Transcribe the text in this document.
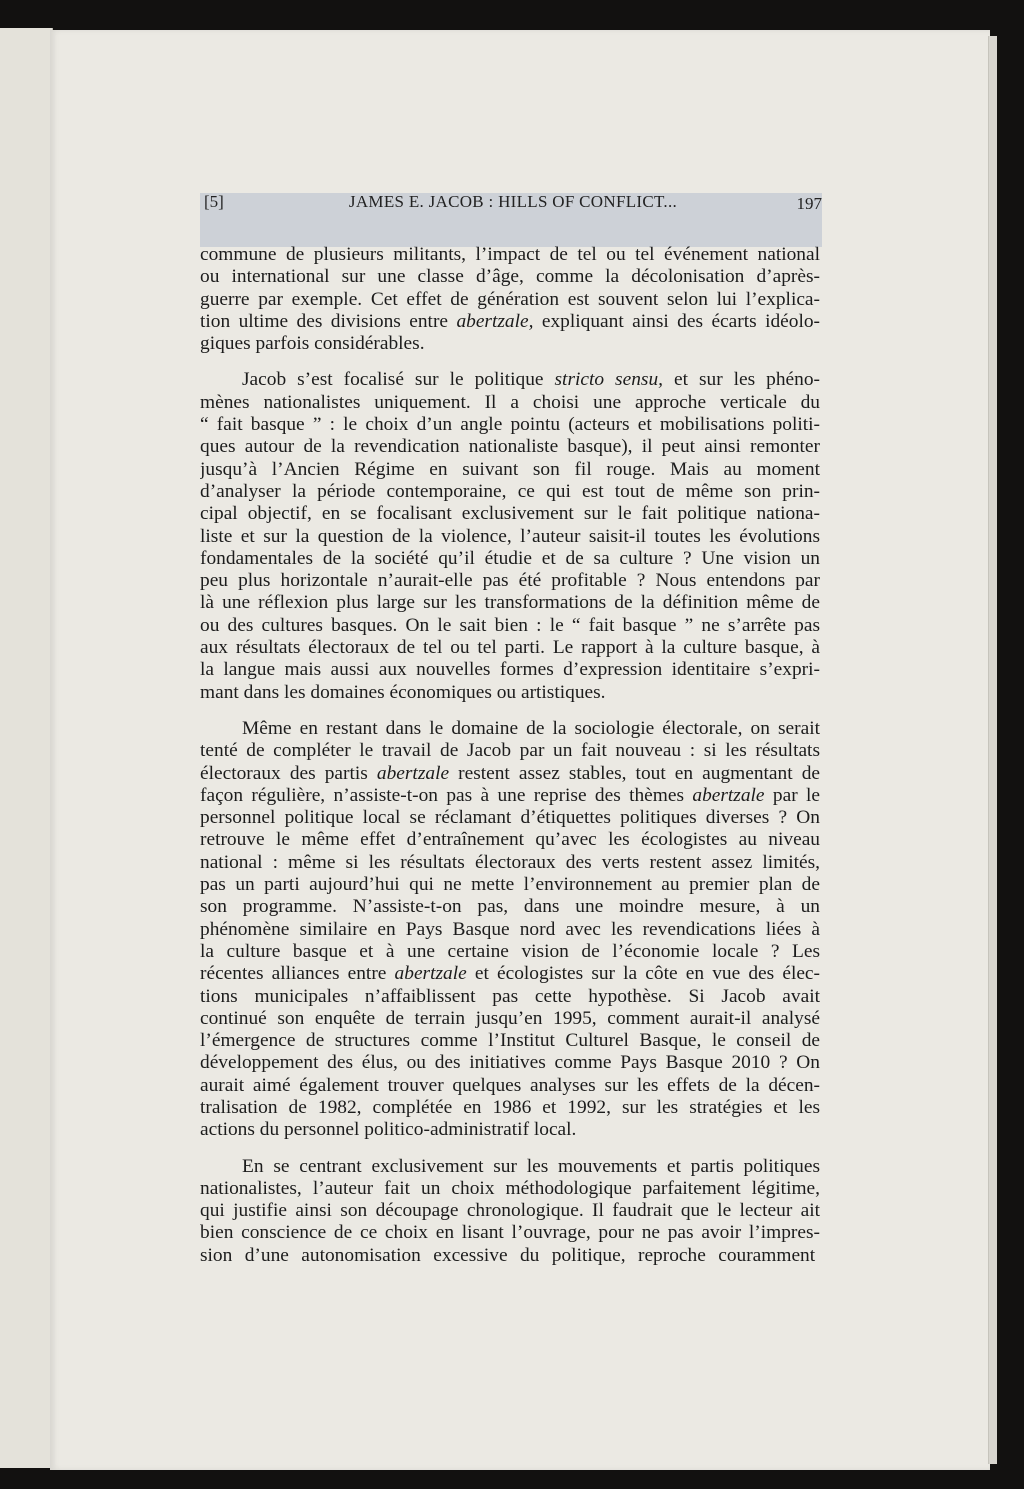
[5]	JAMES E. JACOB : HILLS OF CONFLICT...	197
commune de plusieurs militants, l’impact de tel ou tel événement national
ou international sur une classe d’âge, comme la décolonisation d’après-
guerre par exemple. Cet effet de génération est souvent selon lui l’explica-
tion ultime des divisions entre abertzale, expliquant ainsi des écarts idéolo-
giques parfois considérables.
Jacob s’est focalisé sur le politique stricto sensu, et sur les phéno-
mènes nationalistes uniquement. Il a choisi une approche verticale du
“ fait basque ” : le choix d’un angle pointu (acteurs et mobilisations politi-
ques autour de la revendication nationaliste basque), il peut ainsi remonter
jusqu’à l’Ancien Régime en suivant son fil rouge. Mais au moment
d’analyser la période contemporaine, ce qui est tout de même son prin-
cipal objectif, en se focalisant exclusivement sur le fait politique nationa-
liste et sur la question de la violence, l’auteur saisit-il toutes les évolutions
fondamentales de la société qu’il étudie et de sa culture ? Une vision un
peu plus horizontale n’aurait-elle pas été profitable ? Nous entendons par
là une réflexion plus large sur les transformations de la définition même de
ou des cultures basques. On le sait bien : le “ fait basque ” ne s’arrête pas
aux résultats électoraux de tel ou tel parti. Le rapport à la culture basque, à
la langue mais aussi aux nouvelles formes d’expression identitaire s’expri-
mant dans les domaines économiques ou artistiques.
Même en restant dans le domaine de la sociologie électorale, on serait
tenté de compléter le travail de Jacob par un fait nouveau : si les résultats
électoraux des partis abertzale restent assez stables, tout en augmentant de
façon régulière, n’assiste-t-on pas à une reprise des thèmes abertzale par le
personnel politique local se réclamant d’étiquettes politiques diverses ? On
retrouve le même effet d’entraînement qu’avec les écologistes au niveau
national : même si les résultats électoraux des verts restent assez limités,
pas un parti aujourd’hui qui ne mette l’environnement au premier plan de
son programme. N’assiste-t-on pas, dans une moindre mesure, à un
phénomène similaire en Pays Basque nord avec les revendications liées à
la culture basque et à une certaine vision de l’économie locale ? Les
récentes alliances entre abertzale et écologistes sur la côte en vue des élec-
tions municipales n’affaiblissent pas cette hypothèse. Si Jacob avait
continué son enquête de terrain jusqu’en 1995, comment aurait-il analysé
l’émergence de structures comme l’Institut Culturel Basque, le conseil de
développement des élus, ou des initiatives comme Pays Basque 2010 ? On
aurait aimé également trouver quelques analyses sur les effets de la décen-
tralisation de 1982, complétée en 1986 et 1992, sur les stratégies et les
actions du personnel politico-administratif local.
En se centrant exclusivement sur les mouvements et partis politiques
nationalistes, l’auteur fait un choix méthodologique parfaitement légitime,
qui justifie ainsi son découpage chronologique. Il faudrait que le lecteur ait
bien conscience de ce choix en lisant l’ouvrage, pour ne pas avoir l’impres-
sion d’une autonomisation excessive du politique, reproche couramment
